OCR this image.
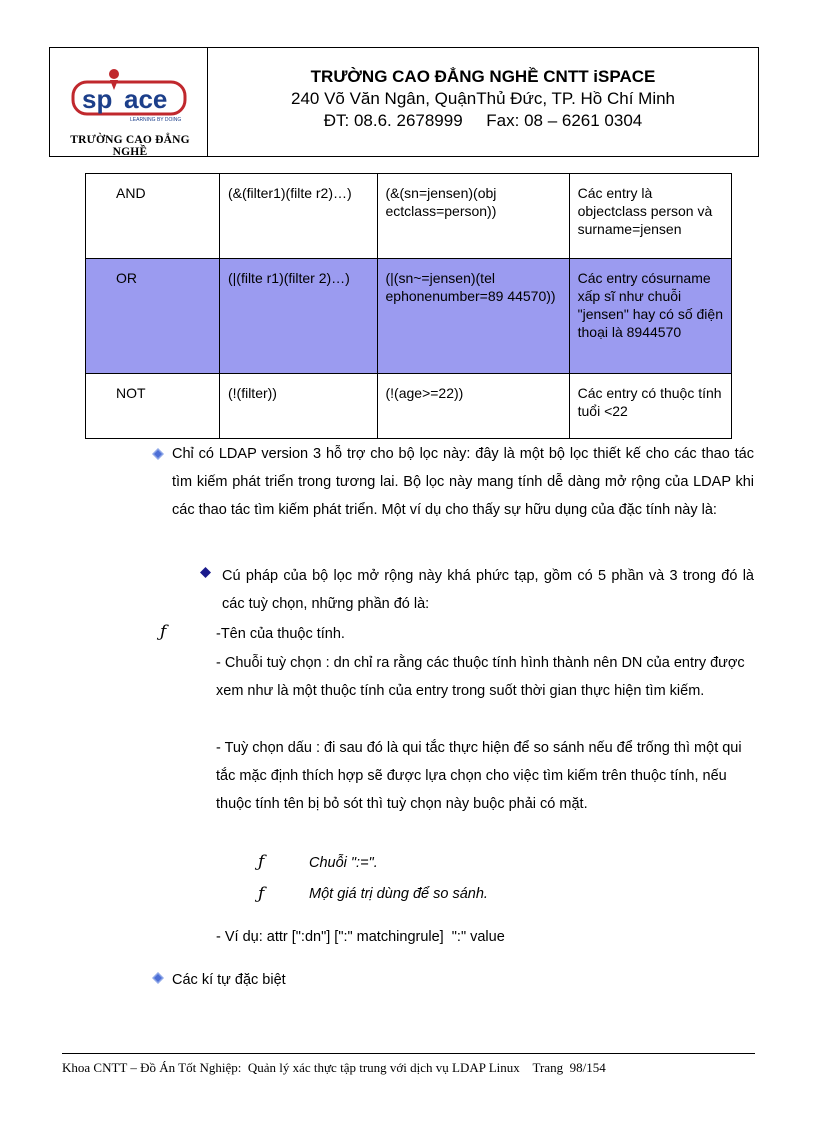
sp ace
LEARNING BY DOING
TRƯỜNG CAO ĐẲNG NGHỀ
TRƯỜNG CAO ĐẲNG NGHỀ CNTT iSPACE
240 Võ Văn Ngân, QuậnThủ Đức, TP. Hồ Chí Minh
ĐT: 08.6. 2678999     Fax: 08 – 6261 0304
AND	(&(filter1)(filte r2)…)	(&(sn=jensen)(obj ectclass=person))	Các entry là objectclass person và surname=jensen
OR	(|(filte r1)(filter 2)…)	(|(sn~=jensen)(tel ephonenumber=89 44570))	Các entry cósurname xấp sĩ như chuỗi "jensen" hay có số điện thoại là 8944570
NOT	(!(filter))	(!(age>=22))	Các entry có thuộc tính tuổi <22
Chỉ có LDAP version 3 hỗ trợ cho bộ lọc này: đây là một bộ lọc thiết kế cho các thao tác tìm kiếm phát triển trong tương lai. Bộ lọc này mang tính dễ dàng mở rộng của LDAP khi các thao tác tìm kiếm phát triển. Một ví dụ cho thấy sự hữu dụng của đặc tính này là:
Cú pháp của bộ lọc mở rộng này khá phức tạp, gồm có 5 phần và 3 trong đó là các tuỳ chọn, những phần đó là:
ƒ	-Tên của thuộc tính.
- Chuỗi tuỳ chọn : dn chỉ ra rằng các thuộc tính hình thành nên DN của entry được xem như là một thuộc tính của entry trong suốt thời gian thực hiện tìm kiếm.
- Tuỳ chọn dấu : đi sau đó là qui tắc thực hiện để so sánh nếu để trống thì một qui tắc mặc định thích hợp sẽ được lựa chọn cho việc tìm kiếm trên thuộc tính, nếu thuộc tính tên bị bỏ sót thì tuỳ chọn này buộc phải có mặt.
ƒ	Chuỗi ":=".
ƒ	Một giá trị dùng để so sánh.
- Ví dụ: attr [":dn"] [":" matchingrule]  ":" value
Các kí tự đặc biệt
Khoa CNTT – Đồ Án Tốt Nghiệp:  Quản lý xác thực tập trung với dịch vụ LDAP Linux    Trang  98/154
